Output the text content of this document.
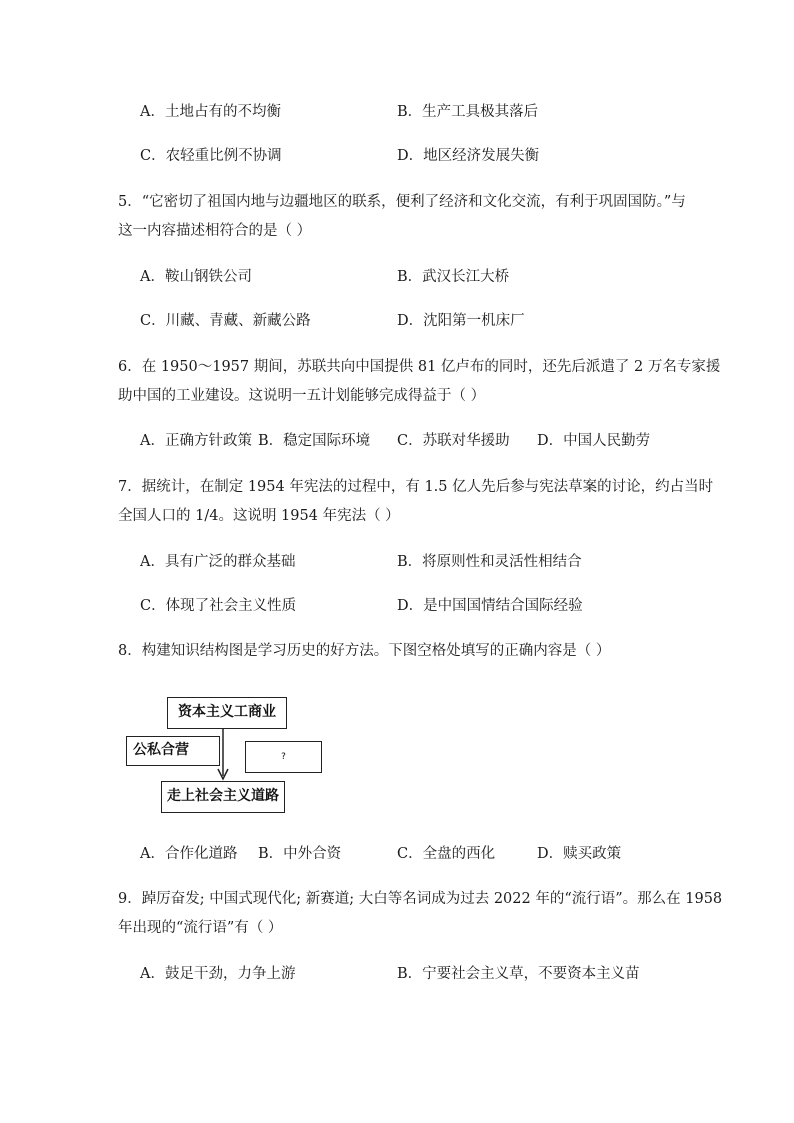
A．土地占有的不均衡	B．生产工具极其落后
C．农轻重比例不协调	D．地区经济发展失衡
5．“它密切了祖国内地与边疆地区的联系，便利了经济和文化交流，有利于巩固国防。”与
这一内容描述相符合的是（ ）
A．鞍山钢铁公司	B．武汉长江大桥
C．川藏、青藏、新藏公路	D．沈阳第一机床厂
6．在 1950～1957 期间，苏联共向中国提供 81 亿卢布的同时，还先后派遣了 2 万名专家援
助中国的工业建设。这说明一五计划能够完成得益于（ ）
A．正确方针政策 B．稳定国际环境 C．苏联对华援助 D．中国人民勤劳
7．据统计，在制定 1954 年宪法的过程中，有 1.5 亿人先后参与宪法草案的讨论，约占当时
全国人口的 1/4。这说明 1954 年宪法（ ）
A．具有广泛的群众基础	B．将原则性和灵活性相结合
C．体现了社会主义性质	D．是中国国情结合国际经验
8．构建知识结构图是学习历史的好方法。下图空格处填写的正确内容是（ ）
资本主义工商业
公私合营	?
走上社会主义道路
A．合作化道路 B．中外合资	C．全盘的西化	D．赎买政策
9．踔厉奋发; 中国式现代化; 新赛道; 大白等名词成为过去 2022 年的“流行语”。那么在 1958
年出现的“流行语”有（ ）
A．鼓足干劲，力争上游	B．宁要社会主义草，不要资本主义苗
